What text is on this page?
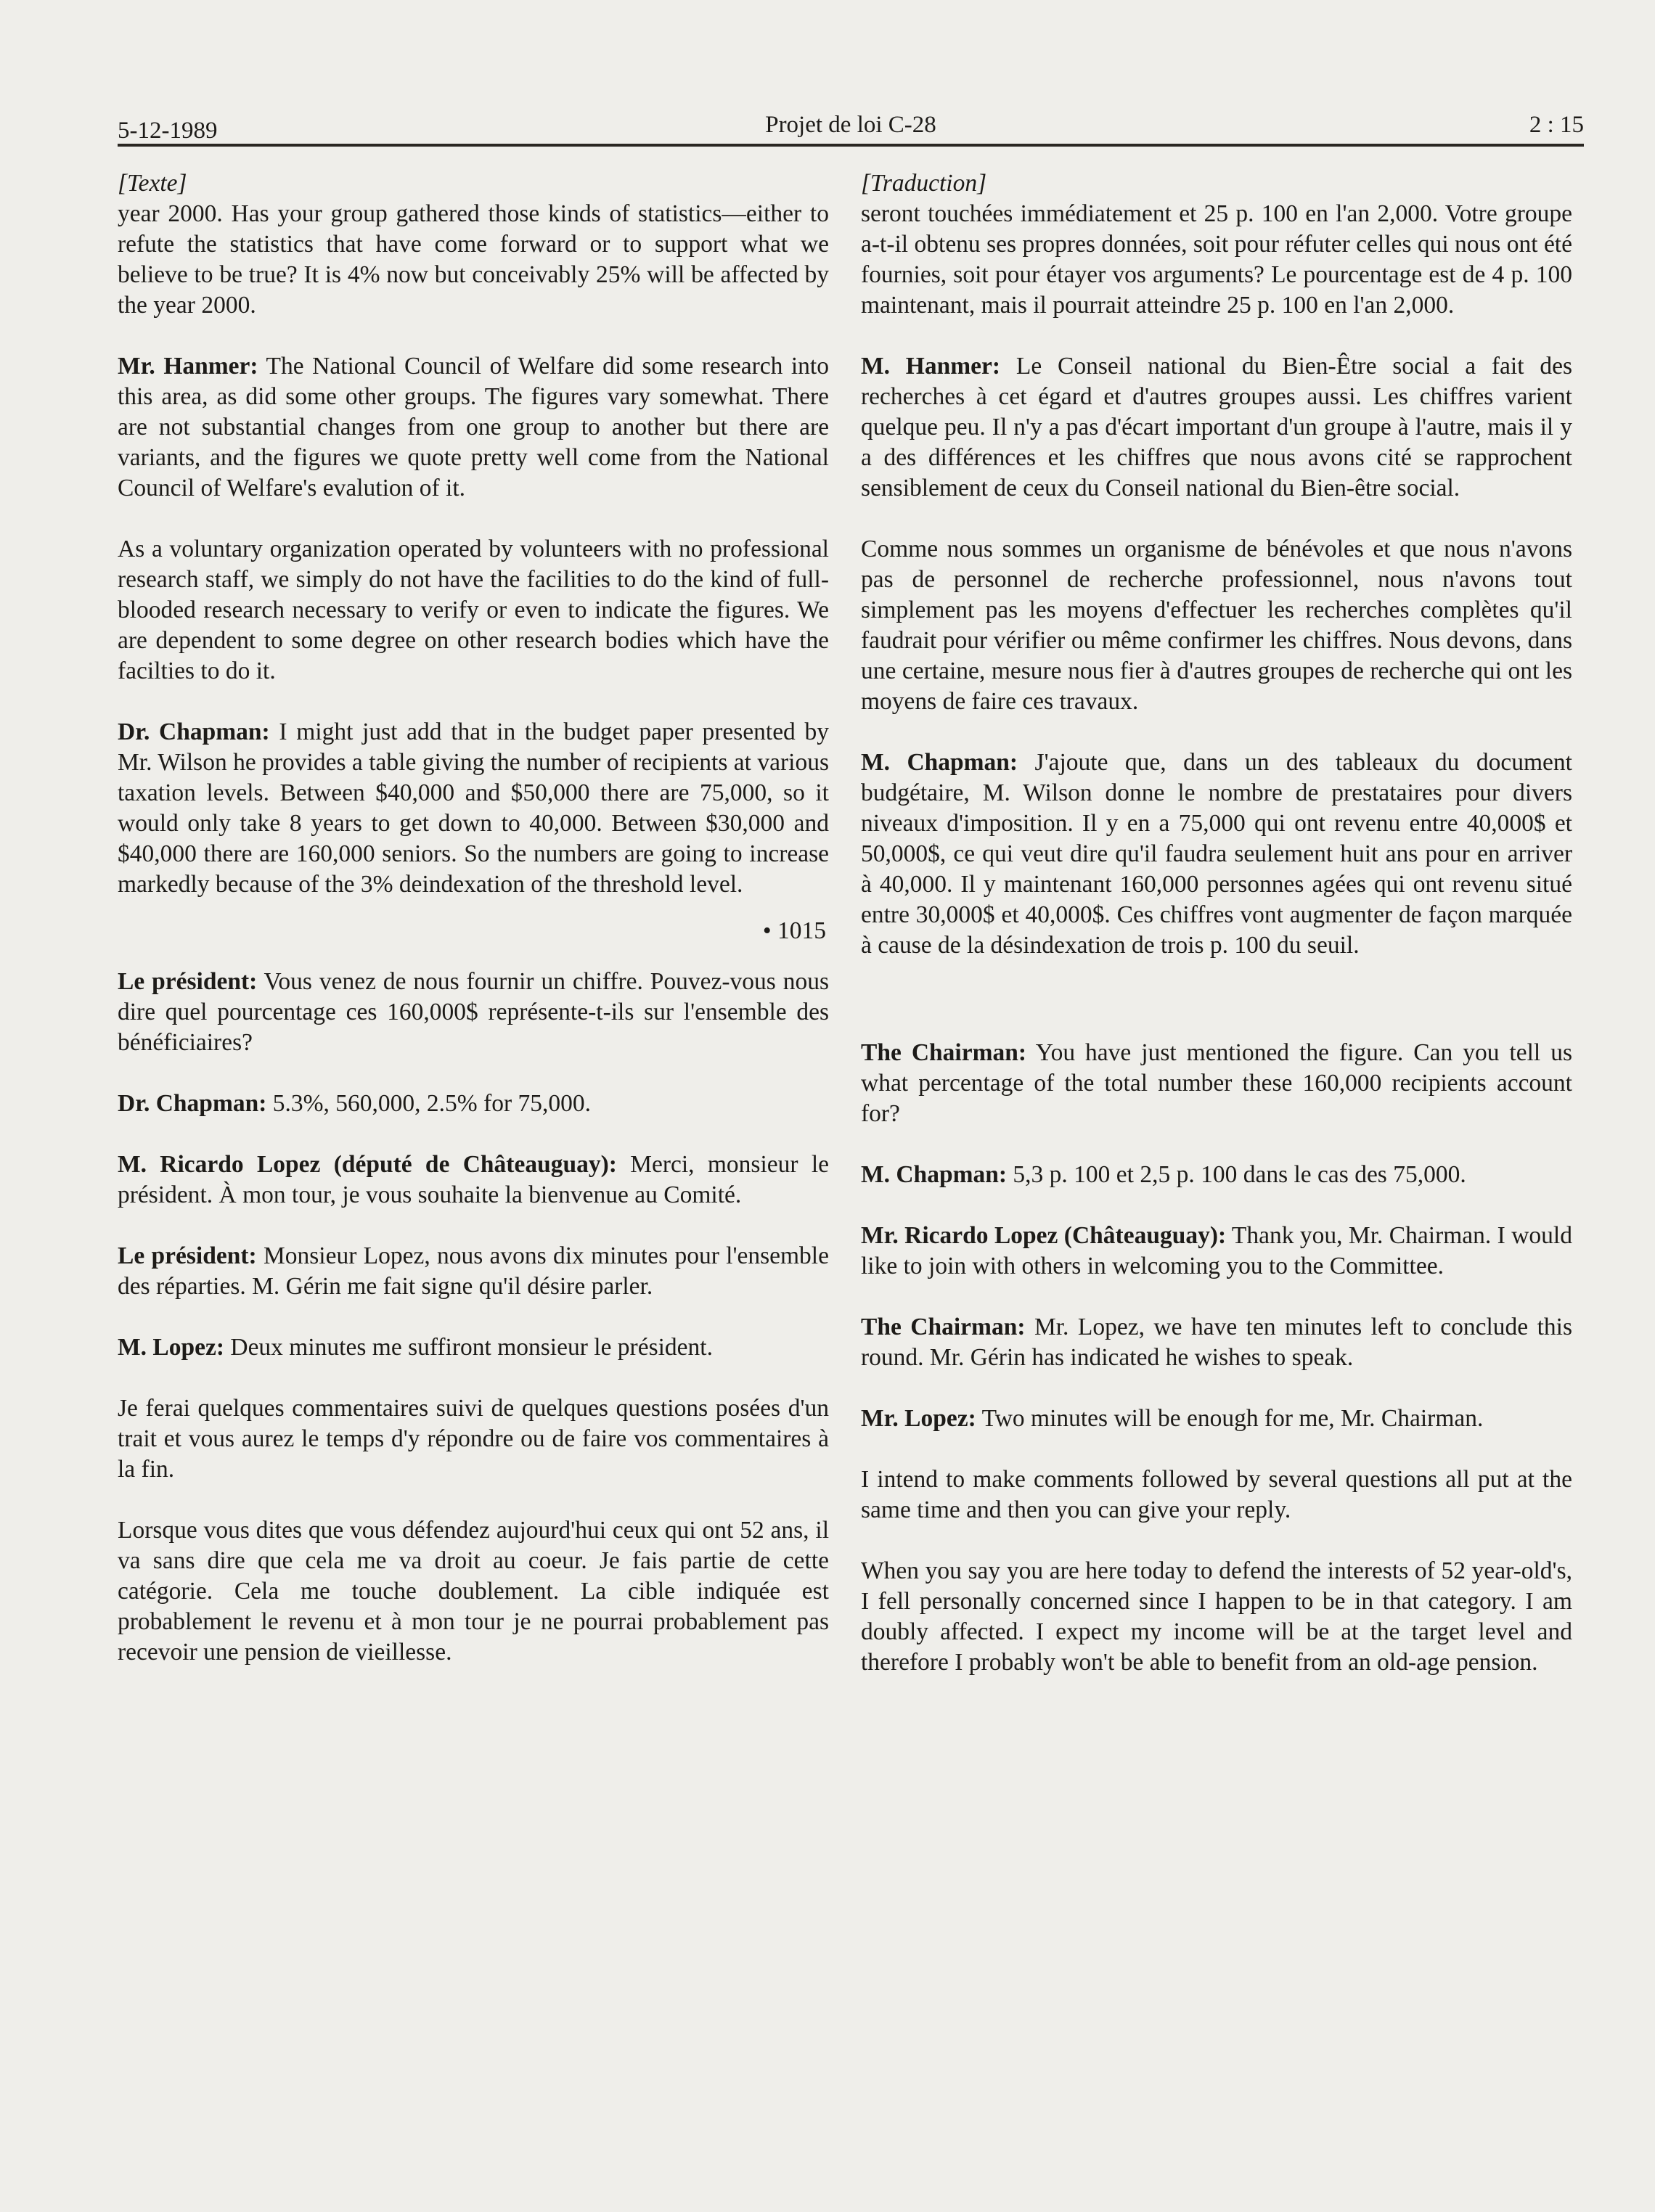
5-12-1989	Projet de loi C-28	2 : 15

[Texte]

year 2000. Has your group gathered those kinds of statistics—either to refute the statistics that have come forward or to support what we believe to be true? It is 4% now but conceivably 25% will be affected by the year 2000.

Mr. Hanmer: The National Council of Welfare did some research into this area, as did some other groups. The figures vary somewhat. There are not substantial changes from one group to another but there are variants, and the figures we quote pretty well come from the National Council of Welfare's evalution of it.

As a voluntary organization operated by volunteers with no professional research staff, we simply do not have the facilities to do the kind of full-blooded research necessary to verify or even to indicate the figures. We are dependent to some degree on other research bodies which have the facilties to do it.

Dr. Chapman: I might just add that in the budget paper presented by Mr. Wilson he provides a table giving the number of recipients at various taxation levels. Between $40,000 and $50,000 there are 75,000, so it would only take 8 years to get down to 40,000. Between $30,000 and $40,000 there are 160,000 seniors. So the numbers are going to increase markedly because of the 3% deindexation of the threshold level.

• 1015

Le président: Vous venez de nous fournir un chiffre. Pouvez-vous nous dire quel pourcentage ces 160,000$ représente-t-ils sur l'ensemble des bénéficiaires?

Dr. Chapman: 5.3%, 560,000, 2.5% for 75,000.

M. Ricardo Lopez (député de Châteauguay): Merci, monsieur le président. À mon tour, je vous souhaite la bienvenue au Comité.

Le président: Monsieur Lopez, nous avons dix minutes pour l'ensemble des réparties. M. Gérin me fait signe qu'il désire parler.

M. Lopez: Deux minutes me suffiront monsieur le président.

Je ferai quelques commentaires suivi de quelques questions posées d'un trait et vous aurez le temps d'y répondre ou de faire vos commentaires à la fin.

Lorsque vous dites que vous défendez aujourd'hui ceux qui ont 52 ans, il va sans dire que cela me va droit au coeur. Je fais partie de cette catégorie. Cela me touche doublement. La cible indiquée est probablement le revenu et à mon tour je ne pourrai probablement pas recevoir une pension de vieillesse.

[Traduction]

seront touchées immédiatement et 25 p. 100 en l'an 2,000. Votre groupe a-t-il obtenu ses propres données, soit pour réfuter celles qui nous ont été fournies, soit pour étayer vos arguments? Le pourcentage est de 4 p. 100 maintenant, mais il pourrait atteindre 25 p. 100 en l'an 2,000.

M. Hanmer: Le Conseil national du Bien-Être social a fait des recherches à cet égard et d'autres groupes aussi. Les chiffres varient quelque peu. Il n'y a pas d'écart important d'un groupe à l'autre, mais il y a des différences et les chiffres que nous avons cité se rapprochent sensiblement de ceux du Conseil national du Bien-être social.

Comme nous sommes un organisme de bénévoles et que nous n'avons pas de personnel de recherche professionnel, nous n'avons tout simplement pas les moyens d'effectuer les recherches complètes qu'il faudrait pour vérifier ou même confirmer les chiffres. Nous devons, dans une certaine, mesure nous fier à d'autres groupes de recherche qui ont les moyens de faire ces travaux.

M. Chapman: J'ajoute que, dans un des tableaux du document budgétaire, M. Wilson donne le nombre de prestataires pour divers niveaux d'imposition. Il y en a 75,000 qui ont revenu entre 40,000$ et 50,000$, ce qui veut dire qu'il faudra seulement huit ans pour en arriver à 40,000. Il y maintenant 160,000 personnes agées qui ont revenu situé entre 30,000$ et 40,000$. Ces chiffres vont augmenter de façon marquée à cause de la désindexation de trois p. 100 du seuil.

The Chairman: You have just mentioned the figure. Can you tell us what percentage of the total number these 160,000 recipients account for?

M. Chapman: 5,3 p. 100 et 2,5 p. 100 dans le cas des 75,000.

Mr. Ricardo Lopez (Châteauguay): Thank you, Mr. Chairman. I would like to join with others in welcoming you to the Committee.

The Chairman: Mr. Lopez, we have ten minutes left to conclude this round. Mr. Gérin has indicated he wishes to speak.

Mr. Lopez: Two minutes will be enough for me, Mr. Chairman.

I intend to make comments followed by several questions all put at the same time and then you can give your reply.

When you say you are here today to defend the interests of 52 year-old's, I fell personally concerned since I happen to be in that category. I am doubly affected. I expect my income will be at the target level and therefore I probably won't be able to benefit from an old-age pension.
